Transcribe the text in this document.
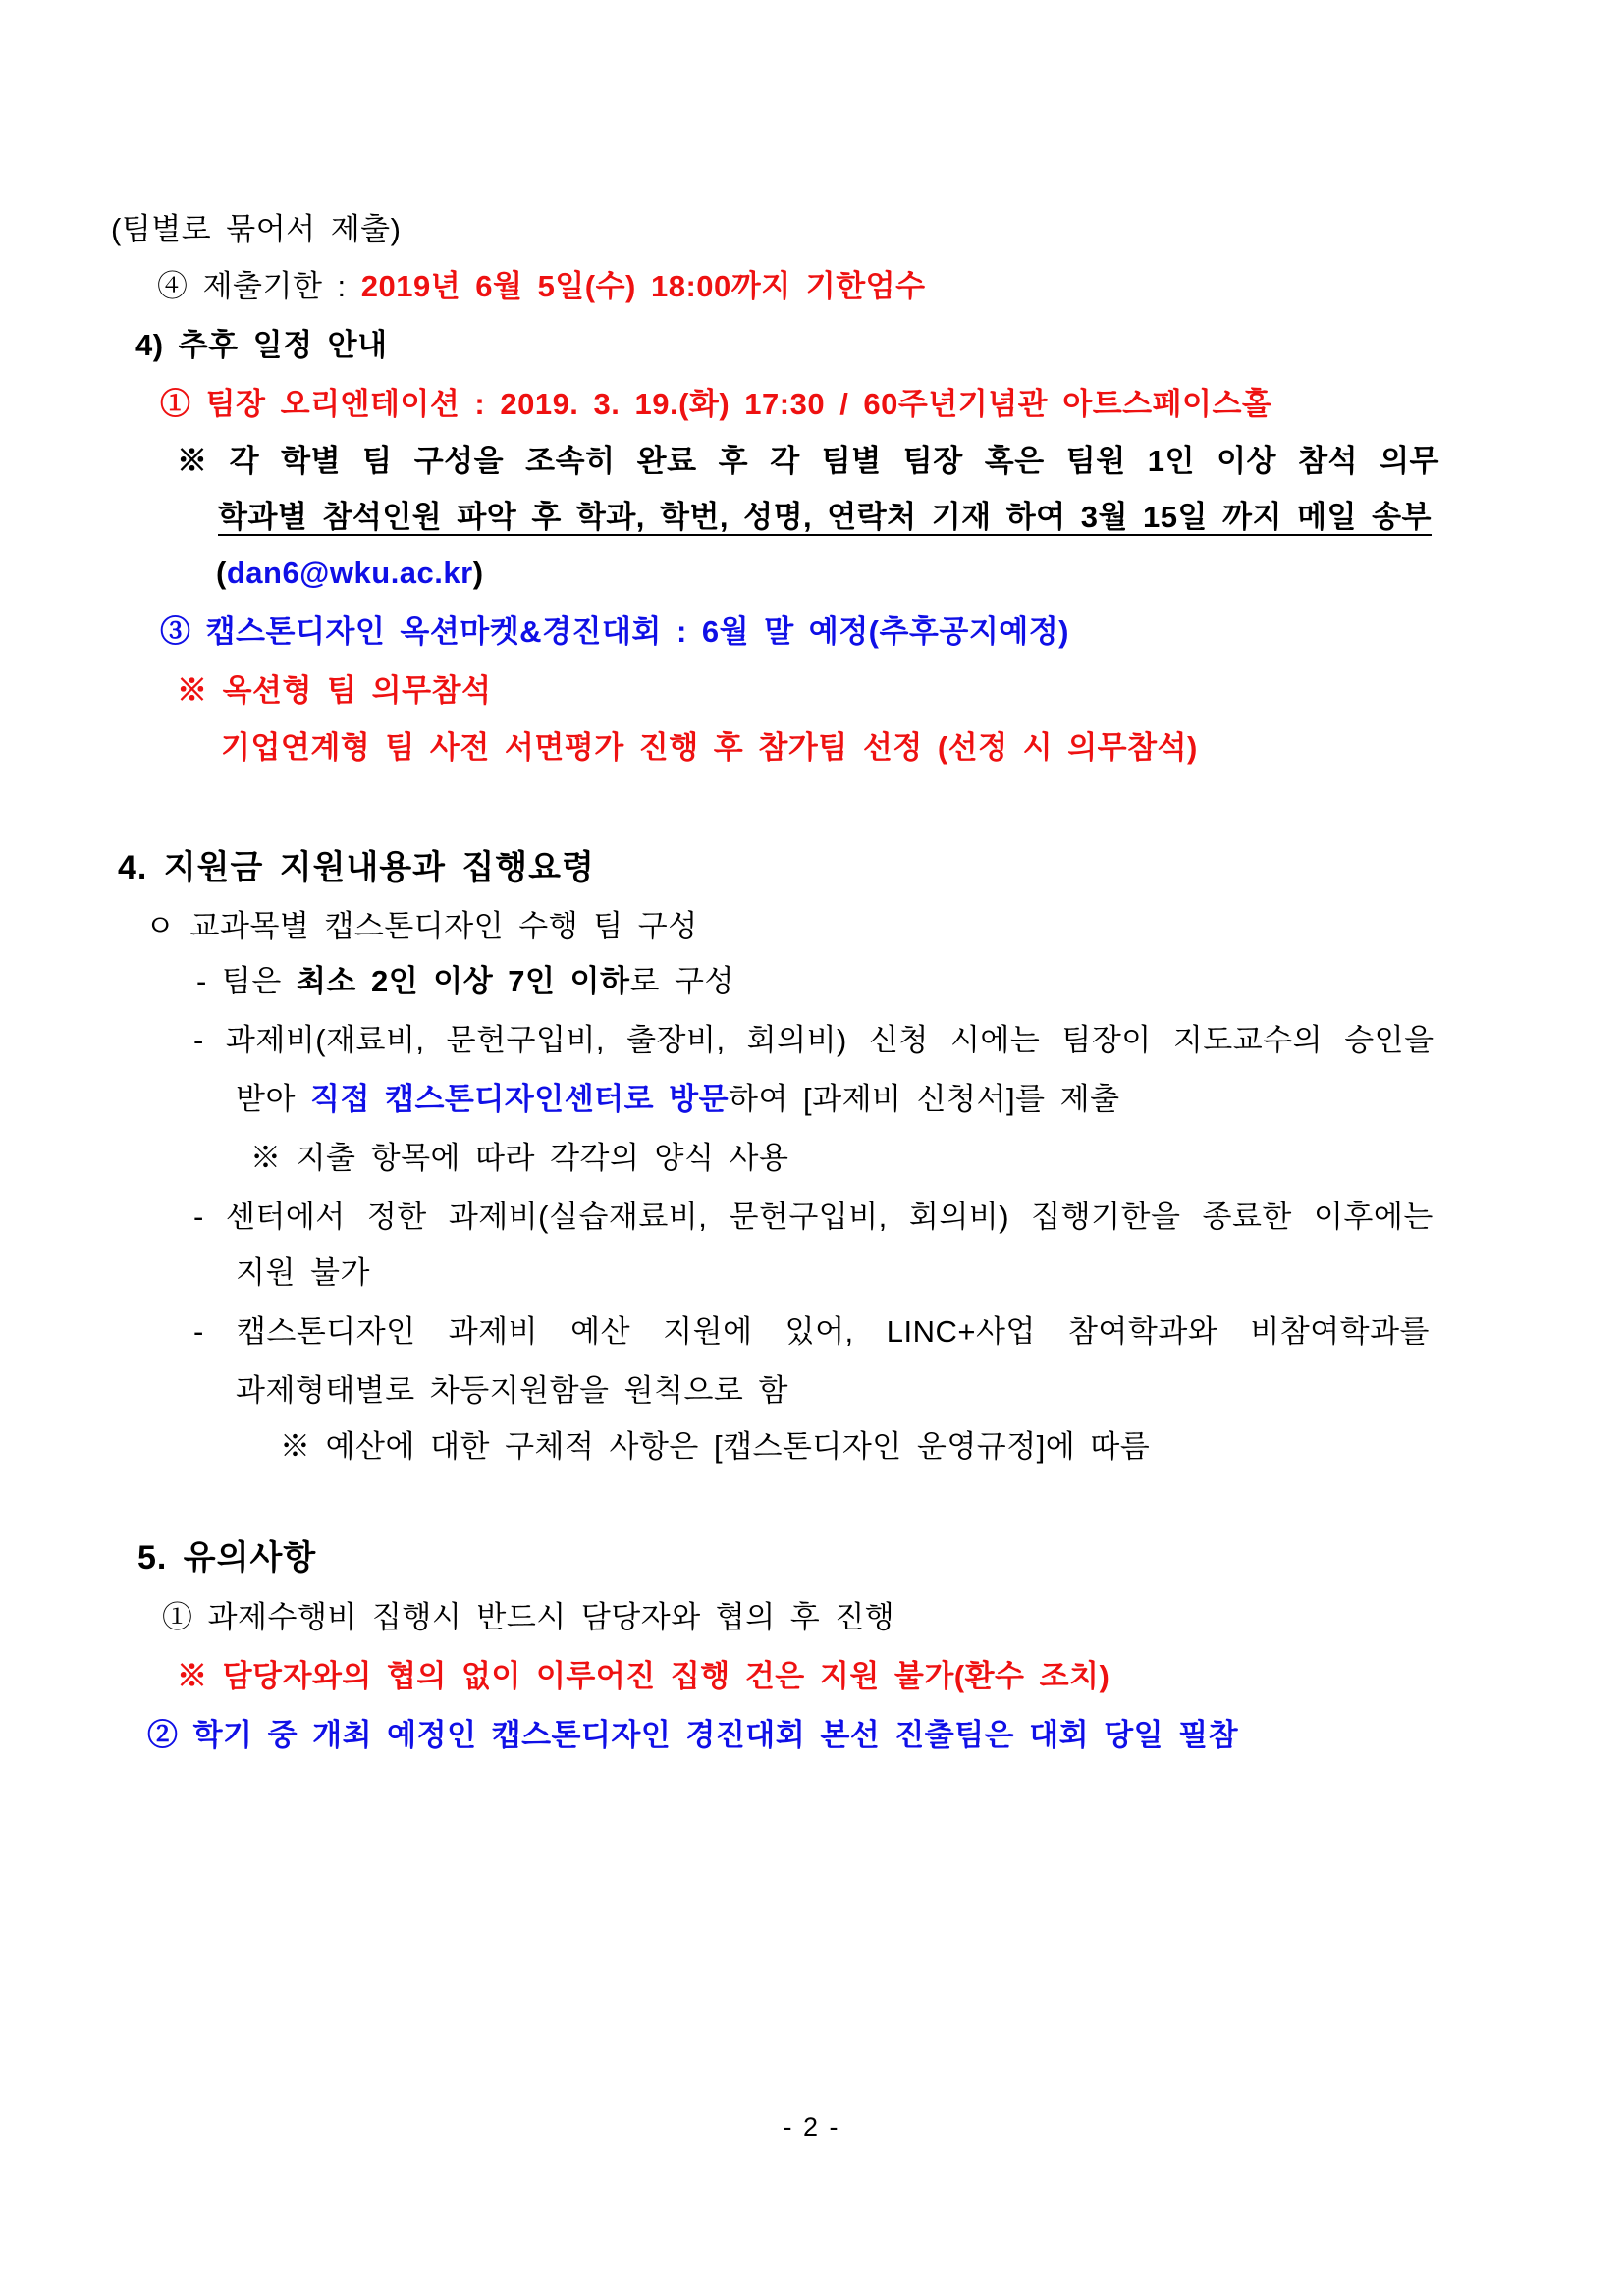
(팀별로 묶어서 제출)
④ 제출기한 : 2019년 6월 5일(수) 18:00까지 기한엄수
4) 추후 일정 안내
① 팀장 오리엔테이션 : 2019. 3. 19.(화) 17:30 / 60주년기념관 아트스페이스홀
※ 각 학별 팀 구성을 조속히 완료 후 각 팀별 팀장 혹은 팀원 1인 이상 참석 의무
학과별 참석인원 파악 후 학과, 학번, 성명, 연락처 기재 하여 3월 15일 까지 메일 송부
(dan6@wku.ac.kr)
③ 캡스톤디자인 옥션마켓&경진대회 : 6월 말 예정(추후공지예정)
※ 옥션형 팀 의무참석
기업연계형 팀 사전 서면평가 진행 후 참가팀 선정 (선정 시 의무참석)
4. 지원금 지원내용과 집행요령
ㅇ 교과목별 캡스톤디자인 수행 팀 구성
- 팀은 최소 2인 이상 7인 이하로 구성
- 과제비(재료비, 문헌구입비, 출장비, 회의비) 신청 시에는 팀장이 지도교수의 승인을
받아 직접 캡스톤디자인센터로 방문하여 [과제비 신청서]를 제출
※ 지출 항목에 따라 각각의 양식 사용
- 센터에서 정한 과제비(실습재료비, 문헌구입비, 회의비) 집행기한을 종료한 이후에는
지원 불가
- 캡스톤디자인 과제비 예산 지원에 있어, LINC+사업 참여학과와 비참여학과를
과제형태별로 차등지원함을 원칙으로 함
※ 예산에 대한 구체적 사항은 [캡스톤디자인 운영규정]에 따름
5. 유의사항
① 과제수행비 집행시 반드시 담당자와 협의 후 진행
※ 담당자와의 협의 없이 이루어진 집행 건은 지원 불가(환수 조치)
② 학기 중 개최 예정인 캡스톤디자인 경진대회 본선 진출팀은 대회 당일 필참
- 2 -
